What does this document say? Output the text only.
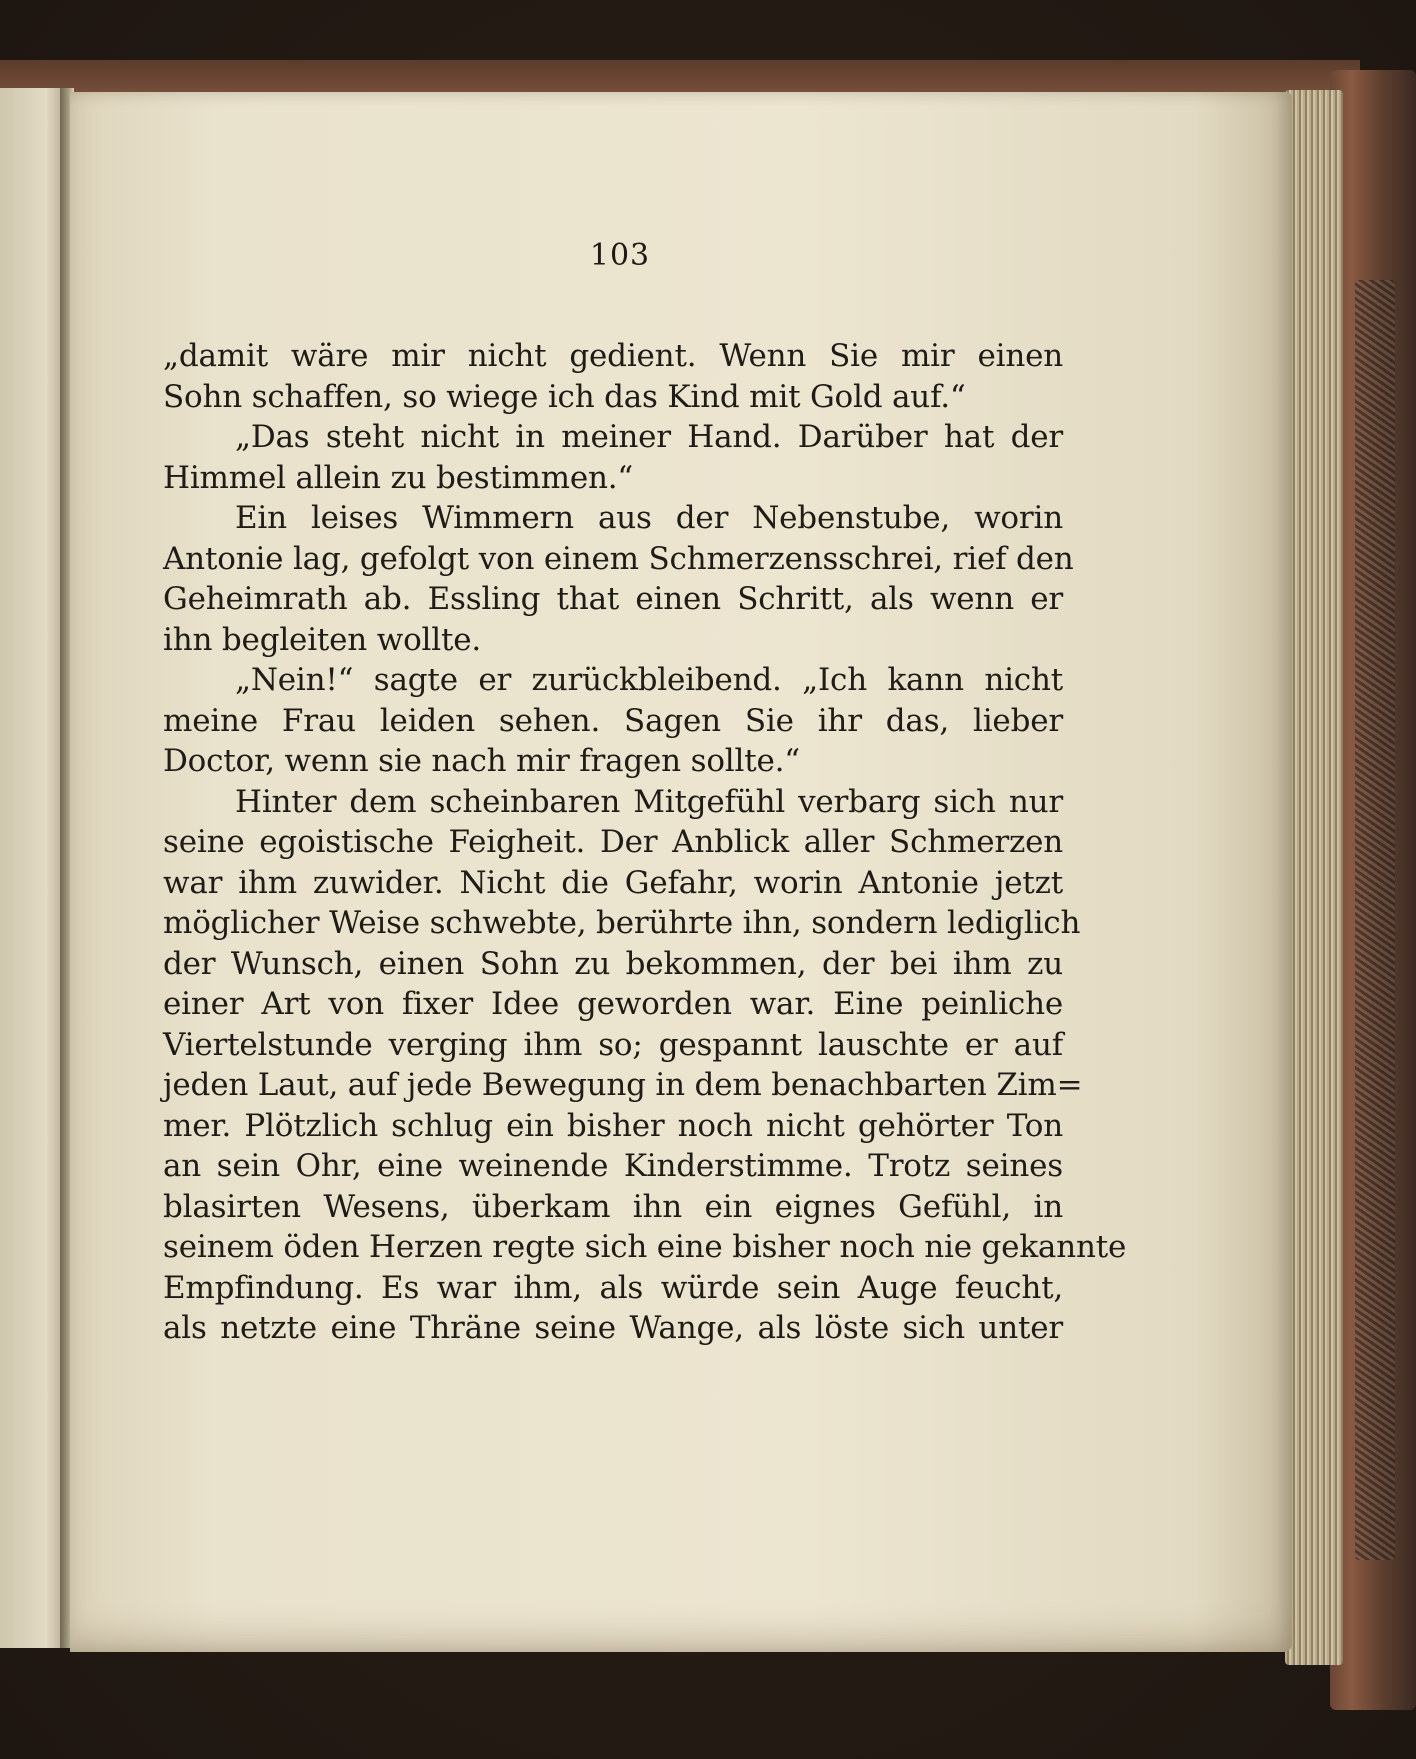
103
„damit wäre mir nicht gedient. Wenn Sie mir einen
Sohn schaffen, so wiege ich das Kind mit Gold auf.“
„Das steht nicht in meiner Hand. Darüber hat der
Himmel allein zu bestimmen.“
Ein leises Wimmern aus der Nebenstube, worin
Antonie lag, gefolgt von einem Schmerzensschrei, rief den
Geheimrath ab. Essling that einen Schritt, als wenn er
ihn begleiten wollte.
„Nein!“ sagte er zurückbleibend. „Ich kann nicht
meine Frau leiden sehen. Sagen Sie ihr das, lieber
Doctor, wenn sie nach mir fragen sollte.“
Hinter dem scheinbaren Mitgefühl verbarg sich nur
seine egoistische Feigheit. Der Anblick aller Schmerzen
war ihm zuwider. Nicht die Gefahr, worin Antonie jetzt
möglicher Weise schwebte, berührte ihn, sondern lediglich
der Wunsch, einen Sohn zu bekommen, der bei ihm zu
einer Art von fixer Idee geworden war. Eine peinliche
Viertelstunde verging ihm so; gespannt lauschte er auf
jeden Laut, auf jede Bewegung in dem benachbarten Zim=
mer. Plötzlich schlug ein bisher noch nicht gehörter Ton
an sein Ohr, eine weinende Kinderstimme. Trotz seines
blasirten Wesens, überkam ihn ein eignes Gefühl, in
seinem öden Herzen regte sich eine bisher noch nie gekannte
Empfindung. Es war ihm, als würde sein Auge feucht,
als netzte eine Thräne seine Wange, als löste sich unter
